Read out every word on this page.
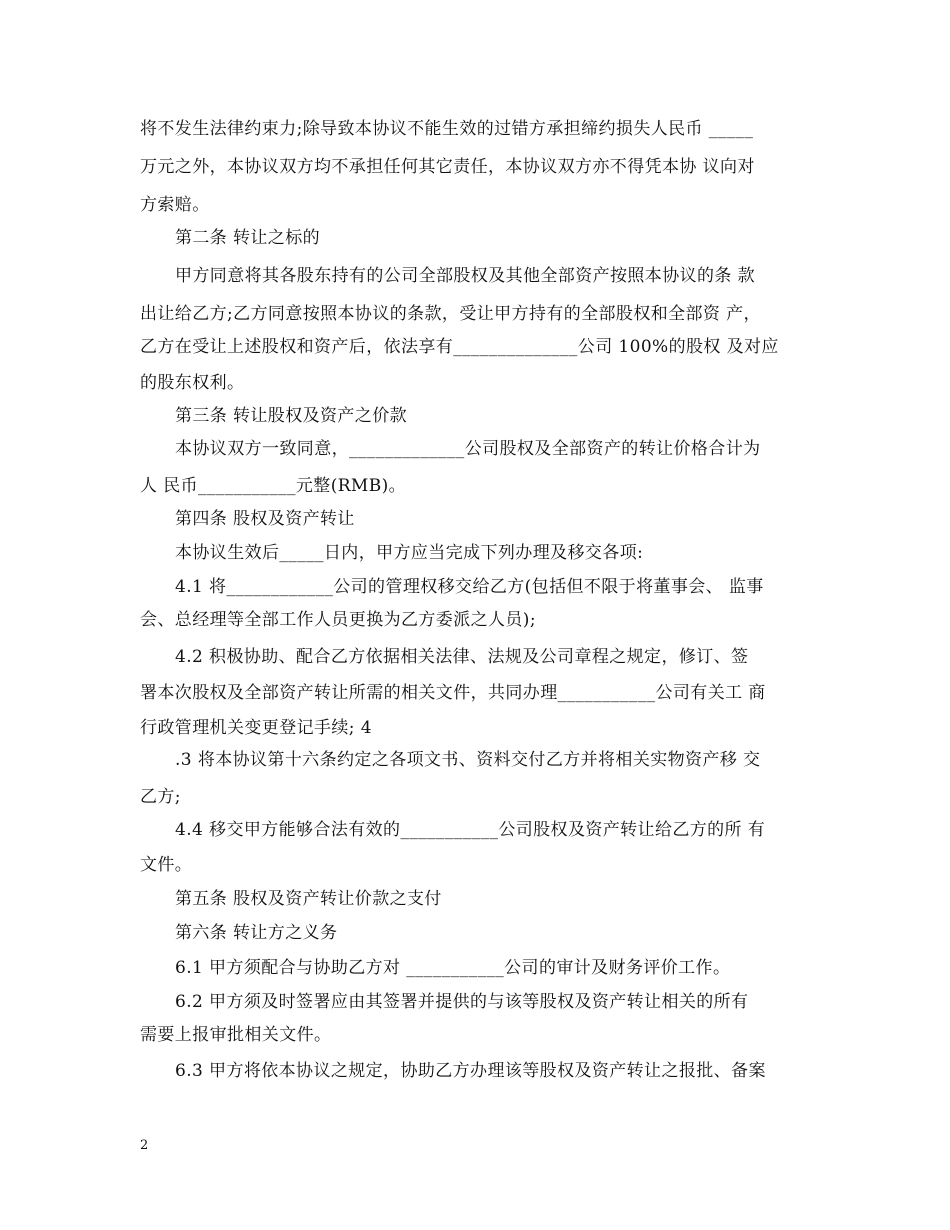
将不发生法律约束力;除导致本协议不能生效的过错方承担缔约损失人民币 _____
万元之外，本协议双方均不承担任何其它责任，本协议双方亦不得凭本协 议向对
方索赔。
第二条 转让之标的
甲方同意将其各股东持有的公司全部股权及其他全部资产按照本协议的条 款
出让给乙方;乙方同意按照本协议的条款，受让甲方持有的全部股权和全部资 产，
乙方在受让上述股权和资产后，依法享有______________公司 100%的股权 及对应
的股东权利。
第三条 转让股权及资产之价款
本协议双方一致同意，_____________公司股权及全部资产的转让价格合计为
人 民币___________元整(RMB)。
第四条 股权及资产转让
本协议生效后_____日内，甲方应当完成下列办理及移交各项:
4.1 将____________公司的管理权移交给乙方(包括但不限于将董事会、 监事
会、总经理等全部工作人员更换为乙方委派之人员);
4.2 积极协助、配合乙方依据相关法律、法规及公司章程之规定，修订、签
署本次股权及全部资产转让所需的相关文件，共同办理___________公司有关工 商
行政管理机关变更登记手续; 4
.3 将本协议第十六条约定之各项文书、资料交付乙方并将相关实物资产移 交
乙方;
4.4 移交甲方能够合法有效的___________公司股权及资产转让给乙方的所 有
文件。
第五条 股权及资产转让价款之支付
第六条 转让方之义务
6.1 甲方须配合与协助乙方对 ___________公司的审计及财务评价工作。
6.2 甲方须及时签署应由其签署并提供的与该等股权及资产转让相关的所有
需要上报审批相关文件。
6.3 甲方将依本协议之规定，协助乙方办理该等股权及资产转让之报批、备案
2
